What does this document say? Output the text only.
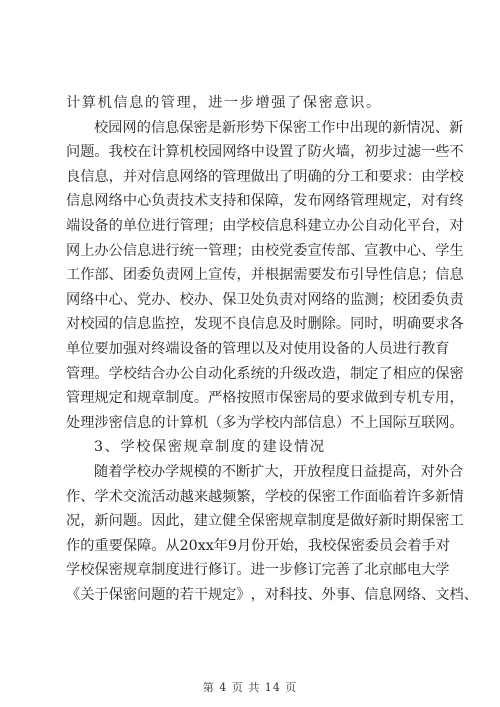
计算机信息的管理，进一步增强了保密意识。
校 园 网 的 信 息 保 密 是 新 形 势 下 保 密 工 作 中 出 现 的 新 情 况 、 新
问 题 。 我 校 在 计 算 机 校 园 网 络 中 设 置 了 防 火 墙 ， 初 步 过 滤 一 些 不
良 信 息 ， 并 对 信 息 网 络 的 管 理 做 出 了 明 确 的 分 工 和 要 求 ： 由 学 校
信 息 网 络 中 心 负 责 技 术 支 持 和 保 障 ， 发 布 网 络 管 理 规 定 ， 对 有 终
端 设 备 的 单 位 进 行 管 理 ； 由 学 校 信 息 科 建 立 办 公 自 动 化 平 台 ， 对
网 上 办 公 信 息 进 行 统 一 管 理 ； 由 校 党 委 宣 传 部 、 宣 教 中 心 、 学 生
工 作 部 、 团 委 负 责 网 上 宣 传 ， 并 根 据 需 要 发 布 引 导 性 信 息 ； 信 息
网 络 中 心 、 党 办 、 校 办 、 保 卫 处 负 责 对 网 络 的 监 测 ； 校 团 委 负 责
对 校 园 的 信 息 监 控 ， 发 现 不 良 信 息 及 时 删 除 。 同 时 ， 明 确 要 求 各
单 位 要 加 强 对 终 端 设 备 的 管 理 以 及 对 使 用 设 备 的 人 员 进 行 教 育
管 理 。 学 校 结 合 办 公 自 动 化 系 统 的 升 级 改 造 ， 制 定 了 相 应 的 保 密
管 理 规 定 和 规 章 制 度 。 严 格 按 照 市 保 密 局 的 要 求 做 到 专 机 专 用 ，
处 理 涉 密 信 息 的 计 算 机 （ 多 为 学 校 内 部 信 息 ） 不 上 国 际 互 联 网 。
3、学校保密规章制度的建设情况
随 着 学 校 办 学 规 模 的 不 断 扩 大 ， 开 放 程 度 日 益 提 高 ， 对 外 合
作 、 学 术 交 流 活 动 越 来 越 频 繁 ， 学 校 的 保 密 工 作 面 临 着 许 多 新 情
况 ， 新 问 题 。 因 此 ， 建 立 健 全 保 密 规 章 制 度 是 做 好 新 时 期 保 密 工
作 的 重 要 保 障 。 从 2 0 x x 年 9 月 份 开 始 ， 我 校 保 密 委 员 会 着 手 对
学 校 保 密 规 章 制 度 进 行 修 订 。 进 一 步 修 订 完 善 了 北 京 邮 电 大 学
《 关 于 保 密 问 题 的 若 干 规 定 》 ， 对 科 技 、 外 事 、 信 息 网 络 、 文 档 、
第 4 页 共 14 页
